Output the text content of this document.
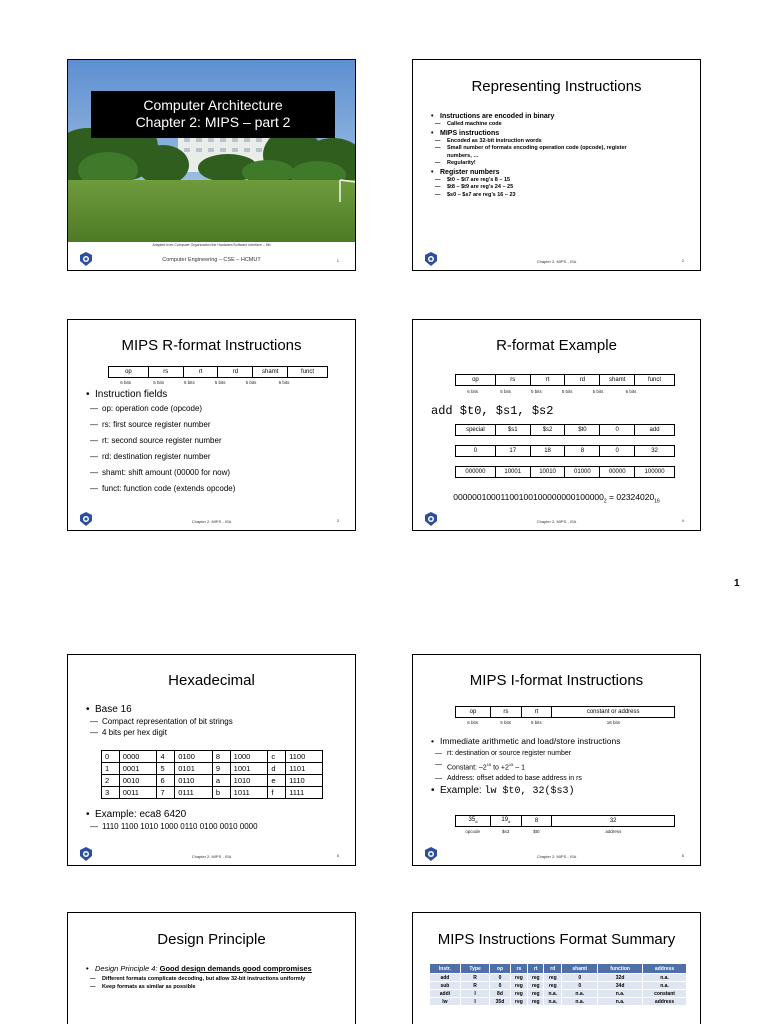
Computer Architecture
Chapter 2: MIPS – part 2
Adapted from Computer Organization the Hardware/Software Interface – 5th
Computer Engineering – CSE – HCMUT	1
Representing Instructions
• Instructions are encoded in binary
— Called machine code
• MIPS instructions
— Encoded as 32-bit instruction words
— Small number of formats encoding operation code (opcode), register numbers, …
— Regularity!
• Register numbers
— $t0 – $t7 are reg’s 8 – 15
— $t8 – $t9 are reg’s 24 – 25
— $s0 – $s7 are reg’s 16 – 23
Chapter 2: MIPS - ISA	2
MIPS R-format Instructions
op	rs	rt	rd	shamt	funct
6 bits	5 bits	5 bits	5 bits	5 bits	6 bits
• Instruction fields
— op: operation code (opcode)
— rs: first source register number
— rt: second source register number
— rd: destination register number
— shamt: shift amount (00000 for now)
— funct: function code (extends opcode)
Chapter 2: MIPS - ISA	3
R-format Example
op	rs	rt	rd	shamt	funct
6 bits	5 bits	5 bits	5 bits	5 bits	6 bits
add $t0, $s1, $s2
special	$s1	$s2	$t0	0	add
0	17	18	8	0	32
000000	10001	10010	01000	00000	100000
$00000010001100100100000000100000_2 = 02324020_{16}$
Chapter 2: MIPS - ISA	4
1
Hexadecimal
• Base 16
— Compact representation of bit strings
— 4 bits per hex digit
0	0000	4	0100	8	1000	c	1100
1	0001	5	0101	9	1001	d	1101
2	0010	6	0110	a	1010	e	1110
3	0011	7	0111	b	1011	f	1111
• Example: eca8 6420
— 1110 1100 1010 1000 0110 0100 0010 0000
Chapter 2: MIPS - ISA	5
MIPS I-format Instructions
op	rs	rt	constant or address
6 bits	5 bits	5 bits	16 bits
• Immediate arithmetic and load/store instructions
— rt: destination or source register number
— Constant: $-2^{15}$ to $+2^{15} - 1$
— Address: offset added to base address in rs
• Example: lw $t0, 32($s3)
$35_d$	$19_d$	8	32
opcode	$s3	$t0	address
Chapter 2: MIPS - ISA	6
Design Principle
• Design Principle 4: Good design demands good compromises
— Different formats complicate decoding, but allow 32-bit instructions uniformly
— Keep formats as similar as possible
MIPS Instructions Format Summary
Instr.	Type	op	rs	rt	rd	shamt	function	address
add	R	0	reg	reg	reg	0	32d	n.a.
sub	R	0	reg	reg	reg	0	34d	n.a.
addi	I	8d	reg	reg	n.a.	n.a.	n.a.	constant
lw	I	35d	reg	reg	n.a.	n.a.	n.a.	address
